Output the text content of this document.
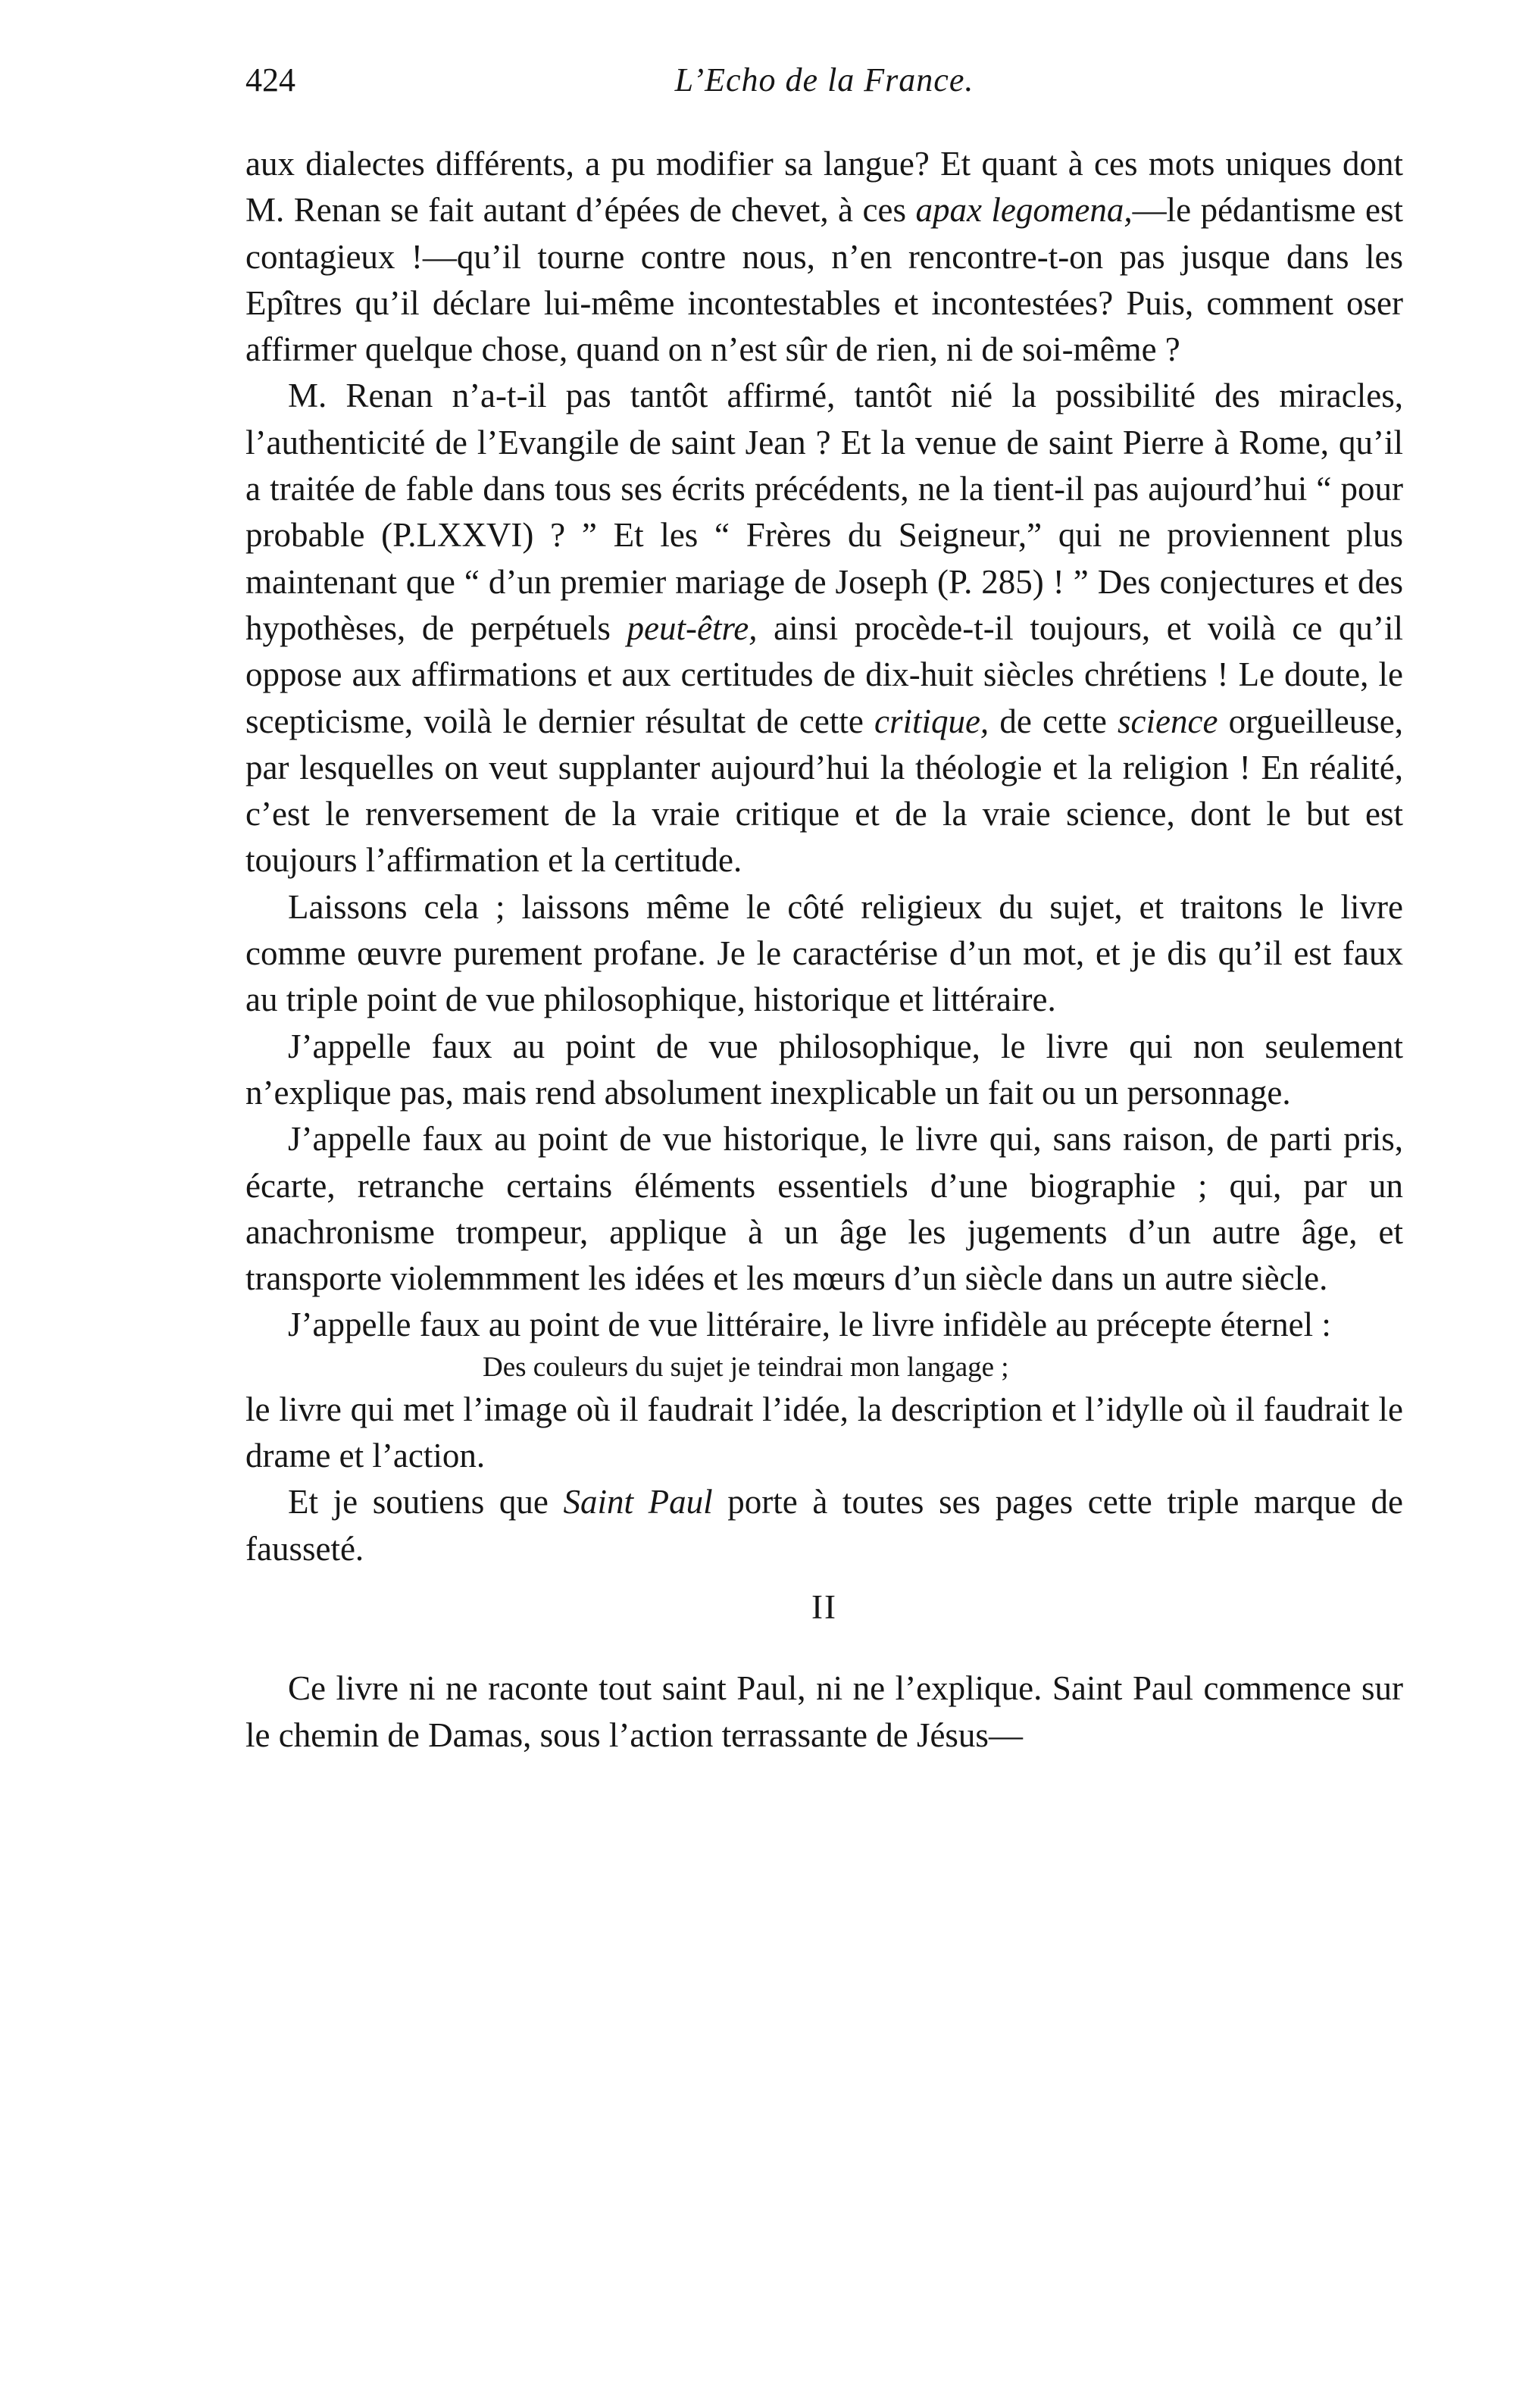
424	L’Echo de la France.

aux dialectes différents, a pu modifier sa langue? Et quant à ces mots uniques dont M. Renan se fait autant d’épées de chevet, à ces apax legomena,—le pédantisme est contagieux !—qu’il tourne contre nous, n’en rencontre-t-on pas jusque dans les Epîtres qu’il déclare lui-même incontestables et incontestées? Puis, comment oser affirmer quelque chose, quand on n’est sûr de rien, ni de soi-même ?

M. Renan n’a-t-il pas tantôt affirmé, tantôt nié la possibilité des miracles, l’authenticité de l’Evangile de saint Jean ? Et la venue de saint Pierre à Rome, qu’il a traitée de fable dans tous ses écrits précédents, ne la tient-il pas aujourd’hui “ pour probable (P.LXXVI) ? ” Et les “ Frères du Seigneur,” qui ne proviennent plus maintenant que “ d’un premier mariage de Joseph (P. 285) ! ” Des conjectures et des hypothèses, de perpétuels peut-être, ainsi procède-t-il toujours, et voilà ce qu’il oppose aux affirmations et aux certitudes de dix-huit siècles chrétiens ! Le doute, le scepticisme, voilà le dernier résultat de cette critique, de cette science orgueilleuse, par lesquelles on veut supplanter aujourd’hui la théologie et la religion ! En réalité, c’est le renversement de la vraie critique et de la vraie science, dont le but est toujours l’affirmation et la certitude.

Laissons cela ; laissons même le côté religieux du sujet, et traitons le livre comme œuvre purement profane. Je le caractérise d’un mot, et je dis qu’il est faux au triple point de vue philosophique, historique et littéraire.

J’appelle faux au point de vue philosophique, le livre qui non seulement n’explique pas, mais rend absolument inexplicable un fait ou un personnage.

J’appelle faux au point de vue historique, le livre qui, sans raison, de parti pris, écarte, retranche certains éléments essentiels d’une biographie ; qui, par un anachronisme trompeur, applique à un âge les jugements d’un autre âge, et transporte violemmment les idées et les mœurs d’un siècle dans un autre siècle.

J’appelle faux au point de vue littéraire, le livre infidèle au précepte éternel :

Des couleurs du sujet je teindrai mon langage ;

le livre qui met l’image où il faudrait l’idée, la description et l’idylle où il faudrait le drame et l’action.

Et je soutiens que Saint Paul porte à toutes ses pages cette triple marque de fausseté.

II

Ce livre ni ne raconte tout saint Paul, ni ne l’explique. Saint Paul commence sur le chemin de Damas, sous l’action terrassante de Jésus—
